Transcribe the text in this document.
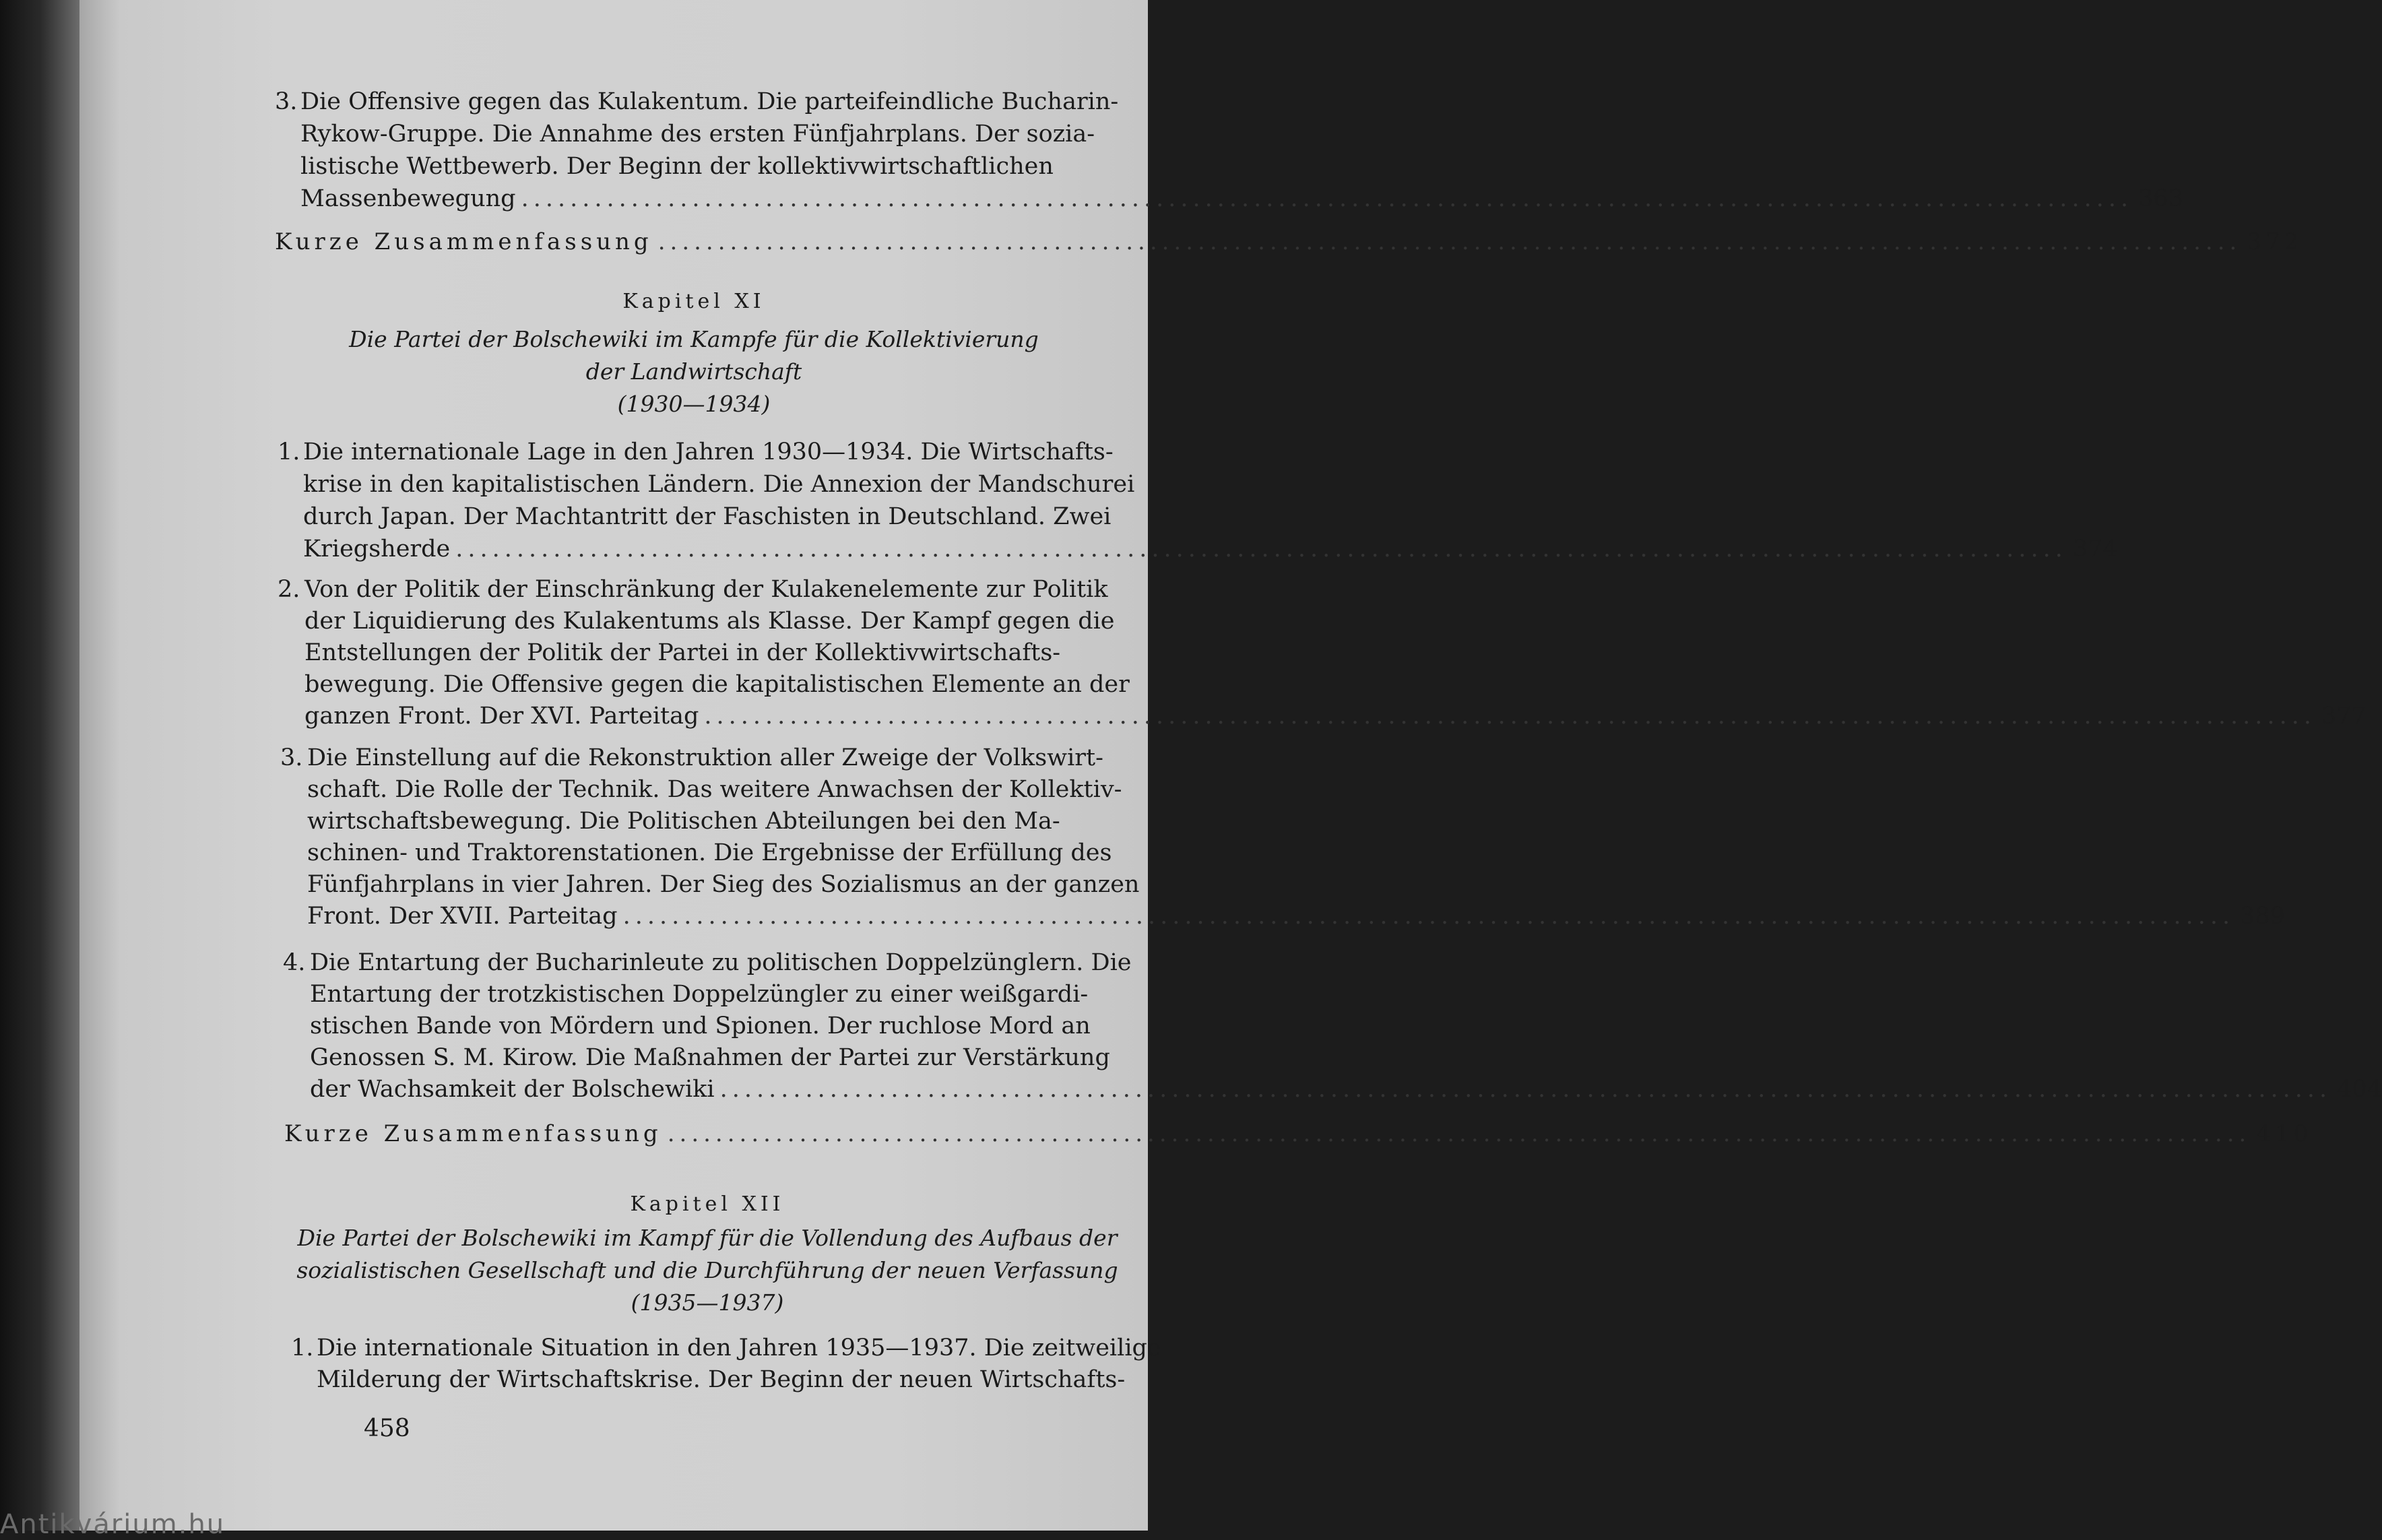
3. Die Offensive gegen das Kulakentum. Die parteifeindliche Bucharin-
Rykow-Gruppe. Die Annahme des ersten Fünfjahrplans. Der sozia-
listische Wettbewerb. Der Beginn der kollektivwirtschaftlichen
Massenbewegung .................................................................................................................................... 363
Kurze Zusammenfassung .................................................................................................................................... 372
Kapitel XI
Die Partei der Bolschewiki im Kampfe für die Kollektivierung
der Landwirtschaft
(1930—1934)
1. Die internationale Lage in den Jahren 1930—1934. Die Wirtschafts-
krise in den kapitalistischen Ländern. Die Annexion der Mandschurei
durch Japan. Der Machtantritt der Faschisten in Deutschland. Zwei
Kriegsherde .................................................................................................................................... 374
2. Von der Politik der Einschränkung der Kulakenelemente zur Politik
der Liquidierung des Kulakentums als Klasse. Der Kampf gegen die
Entstellungen der Politik der Partei in der Kollektivwirtschafts-
bewegung. Die Offensive gegen die kapitalistischen Elemente an der
ganzen Front. Der XVI. Parteitag .................................................................................................................................... 377
3. Die Einstellung auf die Rekonstruktion aller Zweige der Volkswirt-
schaft. Die Rolle der Technik. Das weitere Anwachsen der Kollektiv-
wirtschaftsbewegung. Die Politischen Abteilungen bei den Ma-
schinen- und Traktorenstationen. Die Ergebnisse der Erfüllung des
Fünfjahrplans in vier Jahren. Der Sieg des Sozialismus an der ganzen
Front. Der XVII. Parteitag .................................................................................................................................... 389
4. Die Entartung der Bucharinleute zu politischen Doppelzünglern. Die
Entartung der trotzkistischen Doppelzüngler zu einer weißgardi-
stischen Bande von Mördern und Spionen. Der ruchlose Mord an
Genossen S. M. Kirow. Die Maßnahmen der Partei zur Verstärkung
der Wachsamkeit der Bolschewiki .................................................................................................................................... 404
Kurze Zusammenfassung .................................................................................................................................... 410
Kapitel XII
Die Partei der Bolschewiki im Kampf für die Vollendung des Aufbaus der
sozialistischen Gesellschaft und die Durchführung der neuen Verfassung
(1935—1937)
1. Die internationale Situation in den Jahren 1935—1937. Die zeitweilige
Milderung der Wirtschaftskrise. Der Beginn der neuen Wirtschafts-
458
Antikvárium.hu
